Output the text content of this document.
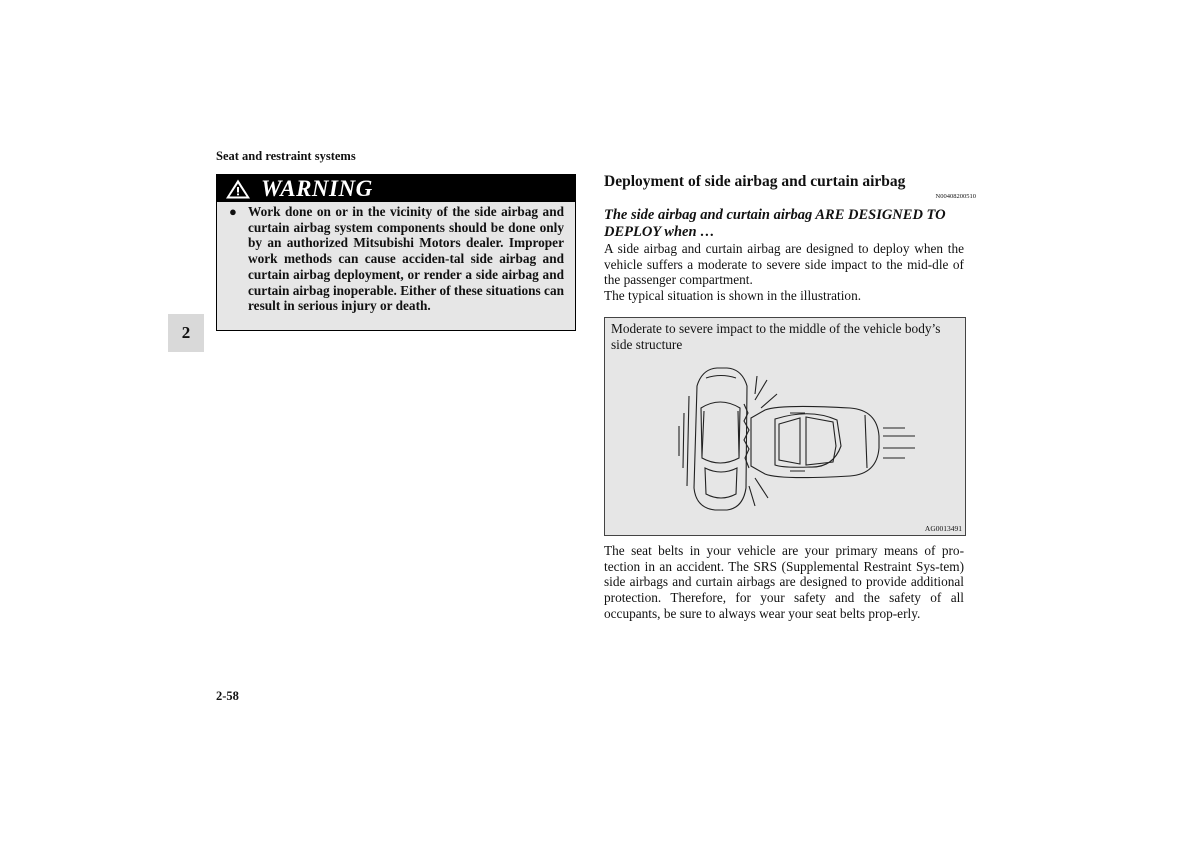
Seat and restraint systems
2
WARNING
● Work done on or in the vicinity of the side airbag and curtain airbag system components should be done only by an authorized Mitsubishi Motors dealer. Improper work methods can cause acciden-tal side airbag and curtain airbag deployment, or render a side airbag and curtain airbag inoperable. Either of these situations can result in serious injury or death.

Deployment of side airbag and curtain airbag
N00408200510
The side airbag and curtain airbag ARE DESIGNED TO DEPLOY when …

A side airbag and curtain airbag are designed to deploy when the vehicle suffers a moderate to severe side impact to the mid-dle of the passenger compartment.

The typical situation is shown in the illustration.

Moderate to severe impact to the middle of the vehicle body’s side structure
AG0013491

The seat belts in your vehicle are your primary means of pro-tection in an accident. The SRS (Supplemental Restraint Sys-tem) side airbags and curtain airbags are designed to provide additional protection. Therefore, for your safety and the safety of all occupants, be sure to always wear your seat belts prop-erly.

2-58
